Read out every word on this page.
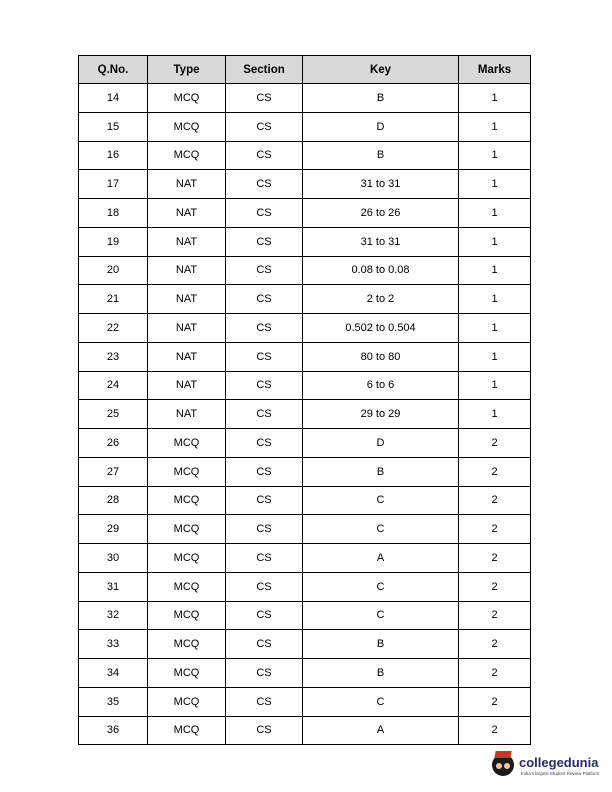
Q.No.	Type	Section	Key	Marks
14	MCQ	CS	B	1
15	MCQ	CS	D	1
16	MCQ	CS	B	1
17	NAT	CS	31 to 31	1
18	NAT	CS	26 to 26	1
19	NAT	CS	31 to 31	1
20	NAT	CS	0.08 to 0.08	1
21	NAT	CS	2 to 2	1
22	NAT	CS	0.502 to 0.504	1
23	NAT	CS	80 to 80	1
24	NAT	CS	6 to 6	1
25	NAT	CS	29 to 29	1
26	MCQ	CS	D	2
27	MCQ	CS	B	2
28	MCQ	CS	C	2
29	MCQ	CS	C	2
30	MCQ	CS	A	2
31	MCQ	CS	C	2
32	MCQ	CS	C	2
33	MCQ	CS	B	2
34	MCQ	CS	B	2
35	MCQ	CS	C	2
36	MCQ	CS	A	2
collegedunia
India's largest Student Review Platform
